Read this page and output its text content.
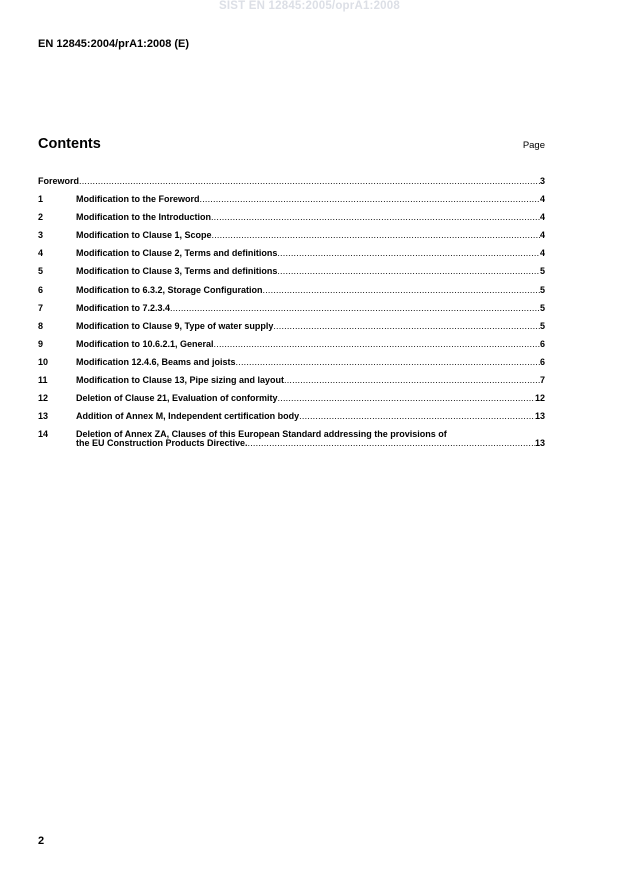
SIST EN 12845:2005/oprA1:2008
EN 12845:2004/prA1:2008 (E)
Contents	Page
Foreword .....	3
1	Modification to the Foreword .....	4
2	Modification to the Introduction .....	4
3	Modification to Clause 1, Scope .....	4
4	Modification to Clause 2, Terms and definitions .....	4
5	Modification to Clause 3, Terms and definitions .....	5
6	Modification to 6.3.2, Storage Configuration .....	5
7	Modification to 7.2.3.4 .....	5
8	Modification to Clause 9, Type of water supply .....	5
9	Modification to 10.6.2.1, General .....	6
10	Modification 12.4.6, Beams and joists .....	6
11	Modification to Clause 13, Pipe sizing and layout .....	7
12	Deletion of Clause 21, Evaluation of conformity .....	12
13	Addition of Annex M, Independent certification body .....	13
14	Deletion of Annex ZA, Clauses of this European Standard addressing the provisions of
the EU Construction Products Directive. .....	13
2
